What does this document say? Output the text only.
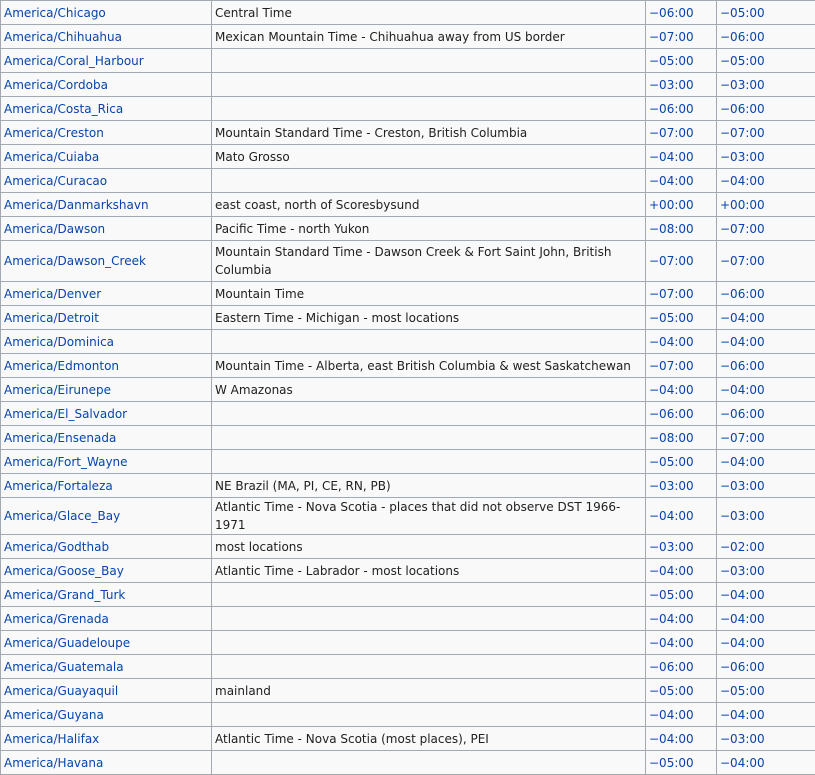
America/Chicago	Central Time	−06:00	−05:00
America/Chihuahua	Mexican Mountain Time - Chihuahua away from US border	−07:00	−06:00
America/Coral_Harbour		−05:00	−05:00
America/Cordoba		−03:00	−03:00
America/Costa_Rica		−06:00	−06:00
America/Creston	Mountain Standard Time - Creston, British Columbia	−07:00	−07:00
America/Cuiaba	Mato Grosso	−04:00	−03:00
America/Curacao		−04:00	−04:00
America/Danmarkshavn	east coast, north of Scoresbysund	+00:00	+00:00
America/Dawson	Pacific Time - north Yukon	−08:00	−07:00
America/Dawson_Creek	Mountain Standard Time - Dawson Creek & Fort Saint John, British Columbia	−07:00	−07:00
America/Denver	Mountain Time	−07:00	−06:00
America/Detroit	Eastern Time - Michigan - most locations	−05:00	−04:00
America/Dominica		−04:00	−04:00
America/Edmonton	Mountain Time - Alberta, east British Columbia & west Saskatchewan	−07:00	−06:00
America/Eirunepe	W Amazonas	−04:00	−04:00
America/El_Salvador		−06:00	−06:00
America/Ensenada		−08:00	−07:00
America/Fort_Wayne		−05:00	−04:00
America/Fortaleza	NE Brazil (MA, PI, CE, RN, PB)	−03:00	−03:00
America/Glace_Bay	Atlantic Time - Nova Scotia - places that did not observe DST 1966-1971	−04:00	−03:00
America/Godthab	most locations	−03:00	−02:00
America/Goose_Bay	Atlantic Time - Labrador - most locations	−04:00	−03:00
America/Grand_Turk		−05:00	−04:00
America/Grenada		−04:00	−04:00
America/Guadeloupe		−04:00	−04:00
America/Guatemala		−06:00	−06:00
America/Guayaquil	mainland	−05:00	−05:00
America/Guyana		−04:00	−04:00
America/Halifax	Atlantic Time - Nova Scotia (most places), PEI	−04:00	−03:00
America/Havana		−05:00	−04:00
